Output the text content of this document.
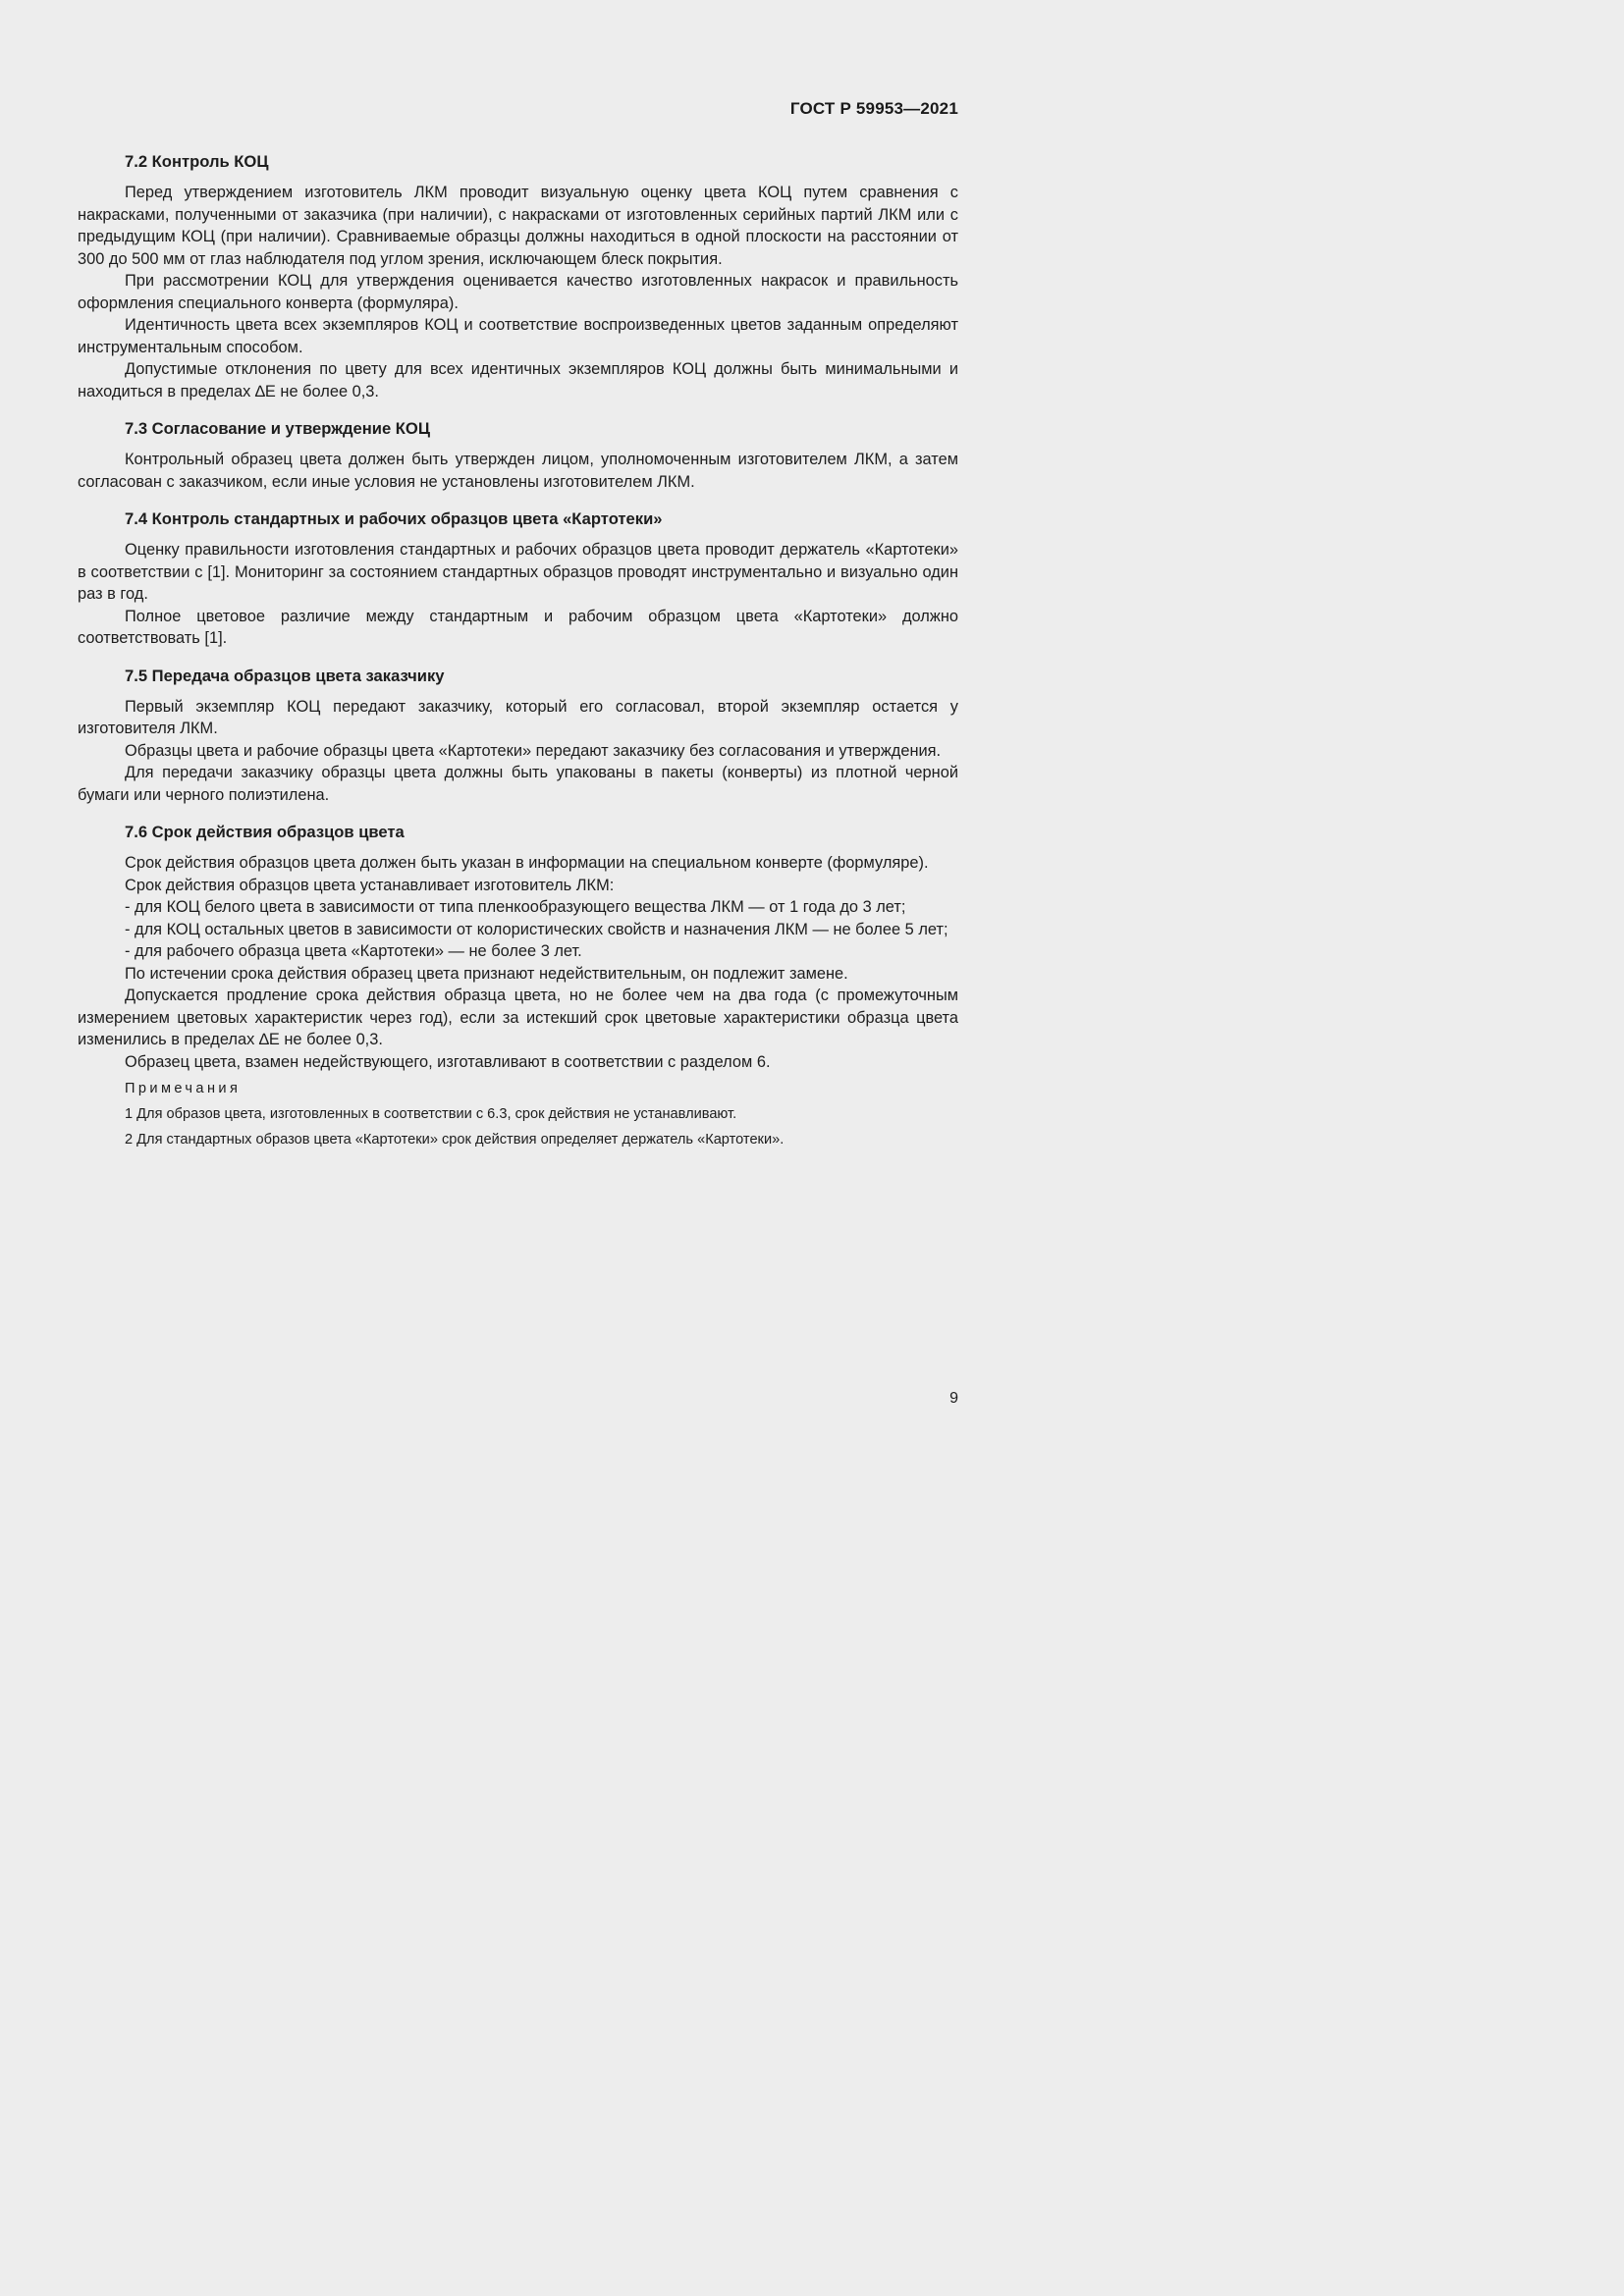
ГОСТ Р 59953—2021
7.2 Контроль КОЦ

Перед утверждением изготовитель ЛКМ проводит визуальную оценку цвета КОЦ путем сравнения с накрасками, полученными от заказчика (при наличии), с накрасками от изготовленных серийных партий ЛКМ или с предыдущим КОЦ (при наличии). Сравниваемые образцы должны находиться в одной плоскости на расстоянии от 300 до 500 мм от глаз наблюдателя под углом зрения, исключающем блеск покрытия.

При рассмотрении КОЦ для утверждения оценивается качество изготовленных накрасок и правильность оформления специального конверта (формуляра).

Идентичность цвета всех экземпляров КОЦ и соответствие воспроизведенных цветов заданным определяют инструментальным способом.

Допустимые отклонения по цвету для всех идентичных экземпляров КОЦ должны быть минимальными и находиться в пределах ∆E не более 0,3.

7.3 Согласование и утверждение КОЦ

Контрольный образец цвета должен быть утвержден лицом, уполномоченным изготовителем ЛКМ, а затем согласован с заказчиком, если иные условия не установлены изготовителем ЛКМ.

7.4 Контроль стандартных и рабочих образцов цвета «Картотеки»

Оценку правильности изготовления стандартных и рабочих образцов цвета проводит держатель «Картотеки» в соответствии с [1]. Мониторинг за состоянием стандартных образцов проводят инструментально и визуально один раз в год.

Полное цветовое различие между стандартным и рабочим образцом цвета «Картотеки» должно соответствовать [1].

7.5 Передача образцов цвета заказчику

Первый экземпляр КОЦ передают заказчику, который его согласовал, второй экземпляр остается у изготовителя ЛКМ.

Образцы цвета и рабочие образцы цвета «Картотеки» передают заказчику без согласования и утверждения.

Для передачи заказчику образцы цвета должны быть упакованы в пакеты (конверты) из плотной черной бумаги или черного полиэтилена.

7.6 Срок действия образцов цвета

Срок действия образцов цвета должен быть указан в информации на специальном конверте (формуляре).

Срок действия образцов цвета устанавливает изготовитель ЛКМ:

- для КОЦ белого цвета в зависимости от типа пленкообразующего вещества ЛКМ — от 1 года до 3 лет;

- для КОЦ остальных цветов в зависимости от колористических свойств и назначения ЛКМ — не более 5 лет;

- для рабочего образца цвета «Картотеки» — не более 3 лет.

По истечении срока действия образец цвета признают недействительным, он подлежит замене.

Допускается продление срока действия образца цвета, но не более чем на два года (с промежуточным измерением цветовых характеристик через год), если за истекший срок цветовые характеристики образца цвета изменились в пределах ∆E не более 0,3.

Образец цвета, взамен недействующего, изготавливают в соответствии с разделом 6.

Примечания
1 Для образов цвета, изготовленных в соответствии с 6.3, срок действия не устанавливают.
2 Для стандартных образов цвета «Картотеки» срок действия определяет держатель «Картотеки».
9
